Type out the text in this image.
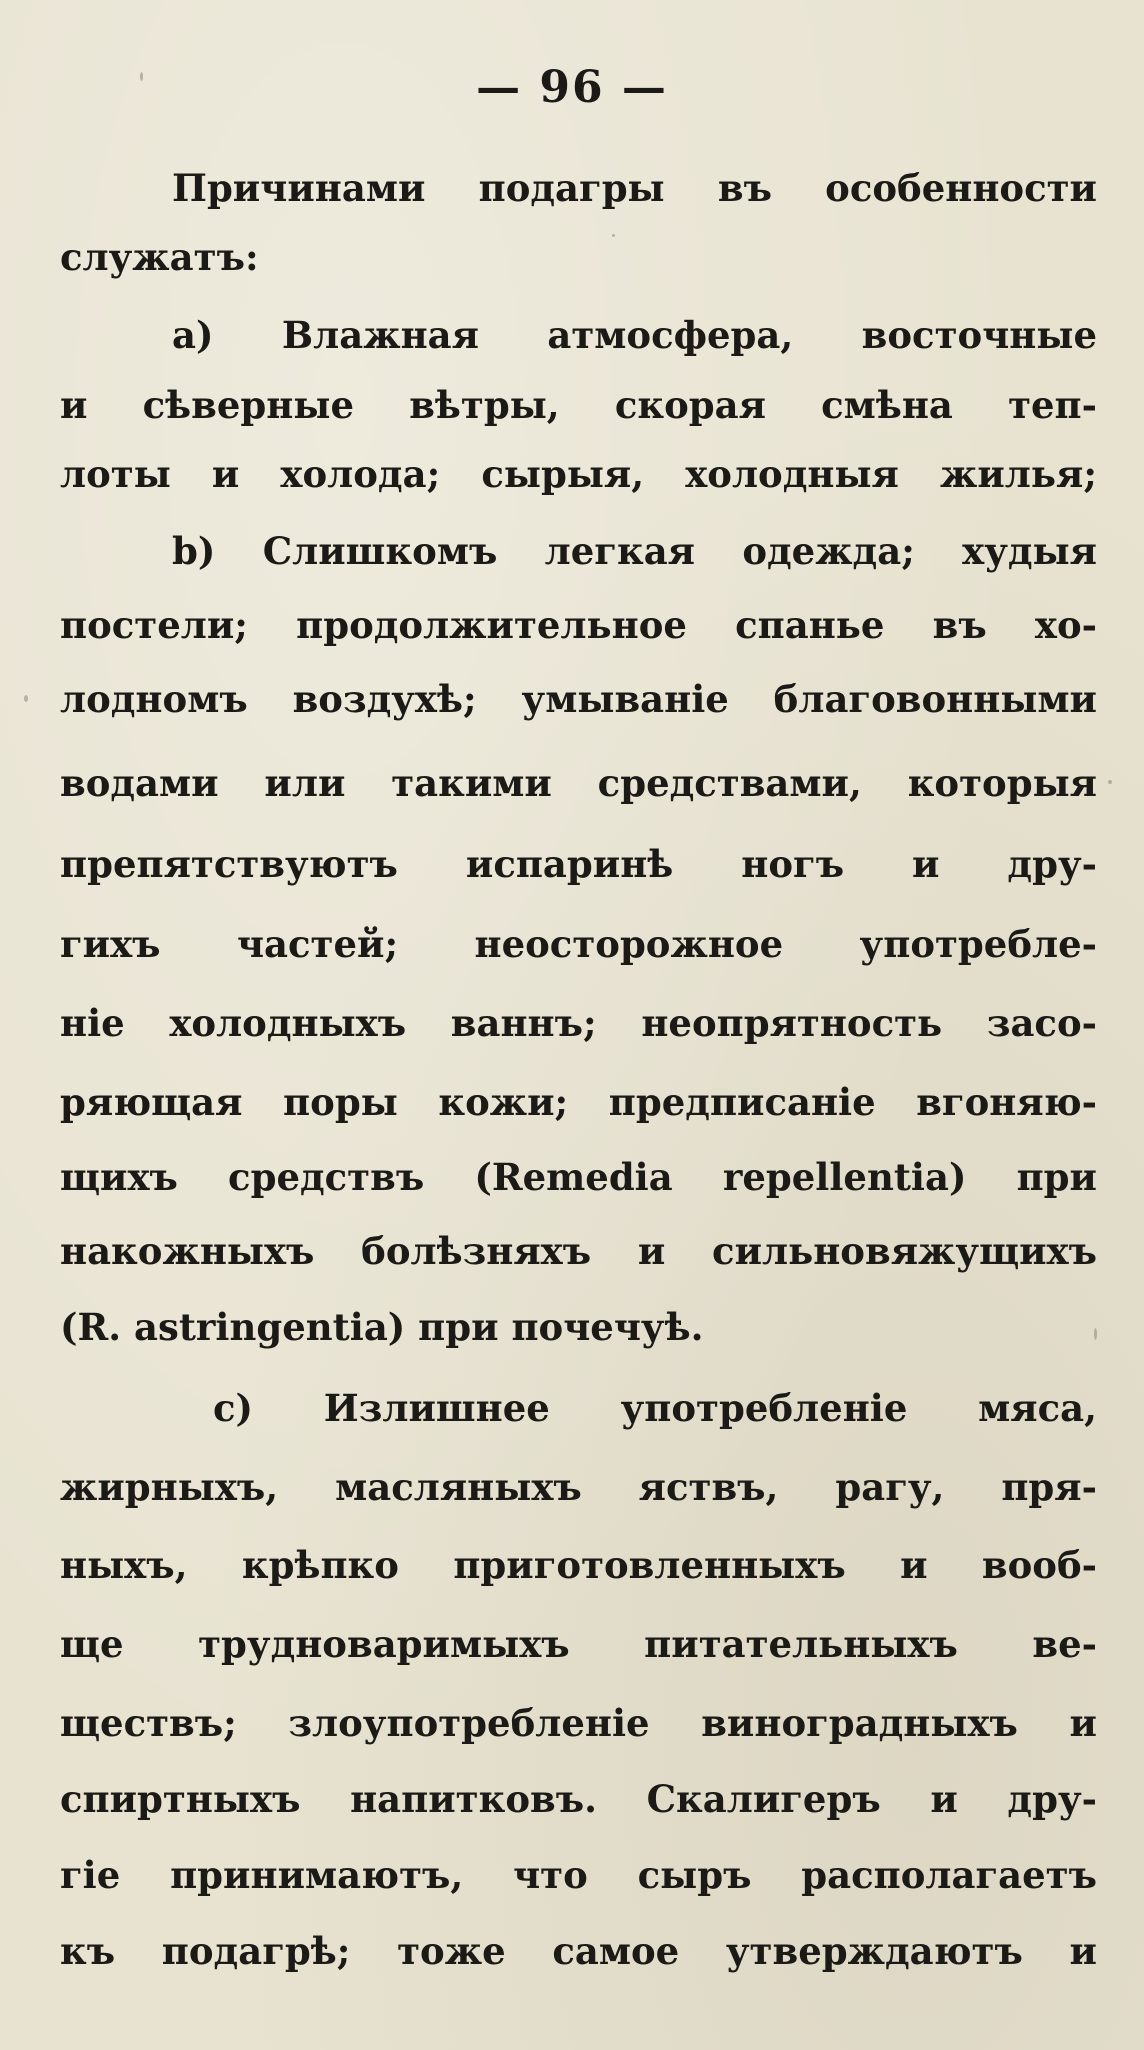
— 96 —
Причинами подагры въ особенности
служатъ:
a) Влажная атмосфера, восточные
и сѣверные вѣтры, скорая смѣна теп-
лоты и холода; сырыя, холодныя жилья;
b) Слишкомъ легкая одежда; худыя
постели; продолжительное спанье въ хо-
лодномъ воздухѣ; умываніе благовонными
водами или такими средствами, которыя
препятствуютъ испаринѣ ногъ и дру-
гихъ частей; неосторожное употребле-
ніе холодныхъ ваннъ; неопрятность засо-
ряющая поры кожи; предписаніе вгоняю-
щихъ средствъ (Remedia repellentia) при
накожныхъ болѣзняхъ и сильновяжущихъ
(R. astringentia) при почечуѣ.
c) Излишнее употребленіе мяса,
жирныхъ, масляныхъ яствъ, рагу, пря-
ныхъ, крѣпко приготовленныхъ и вооб-
ще трудноваримыхъ питательныхъ ве-
ществъ; злоупотребленіе виноградныхъ и
спиртныхъ напитковъ. Скалигеръ и дру-
гіе принимаютъ, что сыръ располагаетъ
къ подагрѣ; тоже самое утверждаютъ и
